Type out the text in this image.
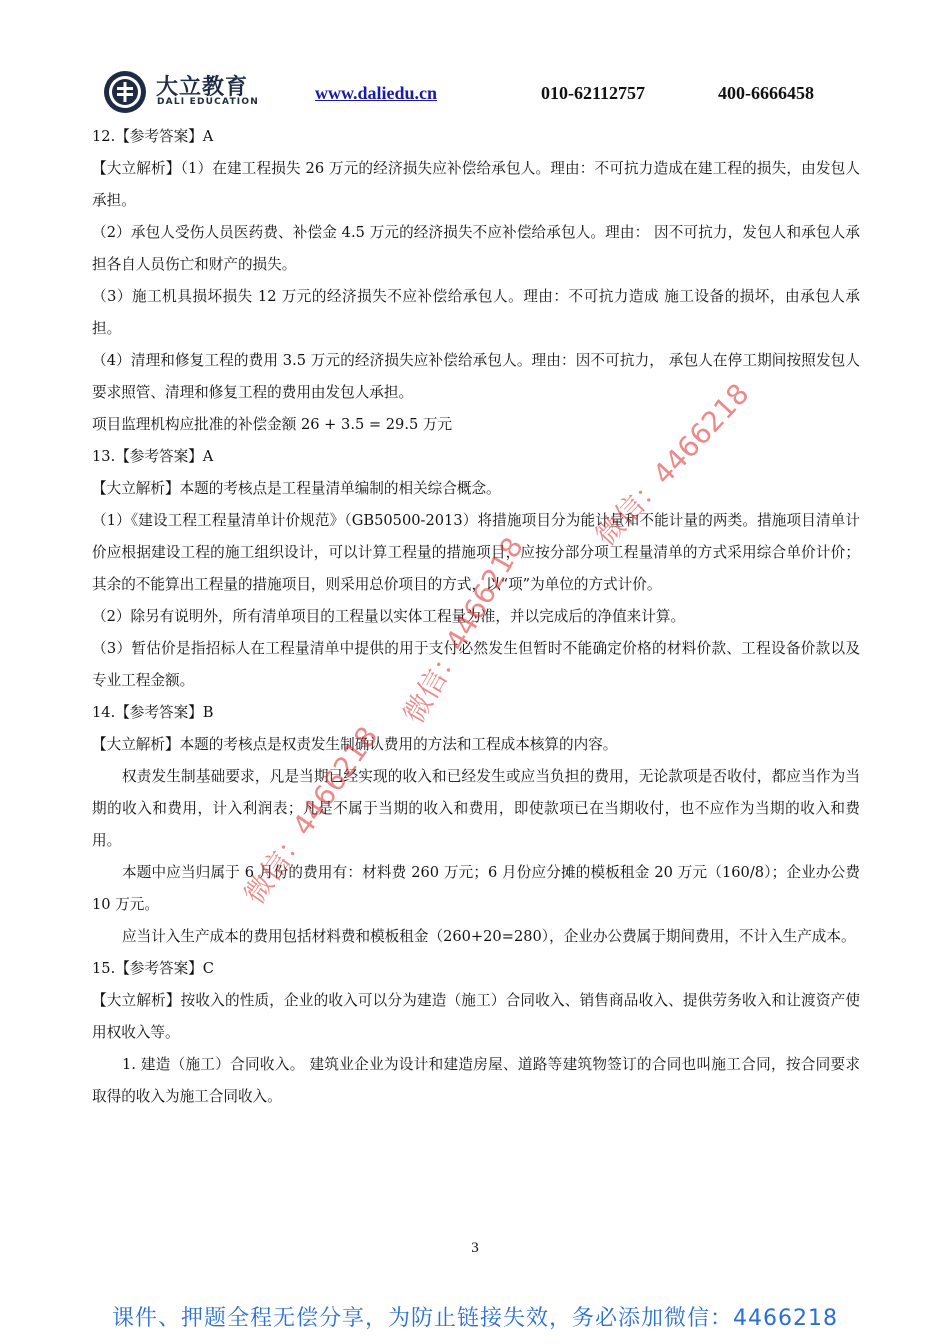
大立教育
DALI EDUCATION	www.daliedu.cn	010-62112757	400-6666458

12.【参考答案】A

【大立解析】（1）在建工程损失 26 万元的经济损失应补偿给承包人。理由：不可抗力造成在建工程的损失，由发包人承担。

（2）承包人受伤人员医药费、补偿金 4.5 万元的经济损失不应补偿给承包人。理由： 因不可抗力，发包人和承包人承担各自人员伤亡和财产的损失。

（3）施工机具损坏损失 12 万元的经济损失不应补偿给承包人。理由：不可抗力造成 施工设备的损坏，由承包人承担。

（4）清理和修复工程的费用 3.5 万元的经济损失应补偿给承包人。理由：因不可抗力， 承包人在停工期间按照发包人要求照管、清理和修复工程的费用由发包人承担。

项目监理机构应批准的补偿金额 26 + 3.5 = 29.5 万元

13.【参考答案】A

【大立解析】本题的考核点是工程量清单编制的相关综合概念。

（1）《建设工程工程量清单计价规范》（GB50500-2013）将措施项目分为能计量和不能计量的两类。措施项目清单计价应根据建设工程的施工组织设计，可以计算工程量的措施项目，应按分部分项工程量清单的方式采用综合单价计价；其余的不能算出工程量的措施项目，则采用总价项目的方式，以“项”为单位的方式计价。

（2）除另有说明外，所有清单项目的工程量以实体工程量为准，并以完成后的净值来计算。

（3）暂估价是指招标人在工程量清单中提供的用于支付必然发生但暂时不能确定价格的材料价款、工程设备价款以及专业工程金额。

14.【参考答案】B

【大立解析】本题的考核点是权责发生制确认费用的方法和工程成本核算的内容。

权责发生制基础要求，凡是当期已经实现的收入和已经发生或应当负担的费用，无论款项是否收付，都应当作为当期的收入和费用，计入利润表；凡是不属于当期的收入和费用，即使款项已在当期收付，也不应作为当期的收入和费用。

本题中应当归属于 6 月份的费用有：材料费 260 万元；6 月份应分摊的模板租金 20 万元（160/8）；企业办公费 10 万元。

应当计入生产成本的费用包括材料费和模板租金（260+20=280），企业办公费属于期间费用，不计入生产成本。

15.【参考答案】C

【大立解析】按收入的性质，企业的收入可以分为建造（施工）合同收入、销售商品收入、提供劳务收入和让渡资产使用权收入等。

1. 建造（施工）合同收入。 建筑业企业为设计和建造房屋、道路等建筑物签订的合同也叫施工合同，按合同要求取得的收入为施工合同收入。

3
课件、押题全程无偿分享，为防止链接失效，务必添加微信：4466218
微信：4466218
微信：4466218
微信：4466218
